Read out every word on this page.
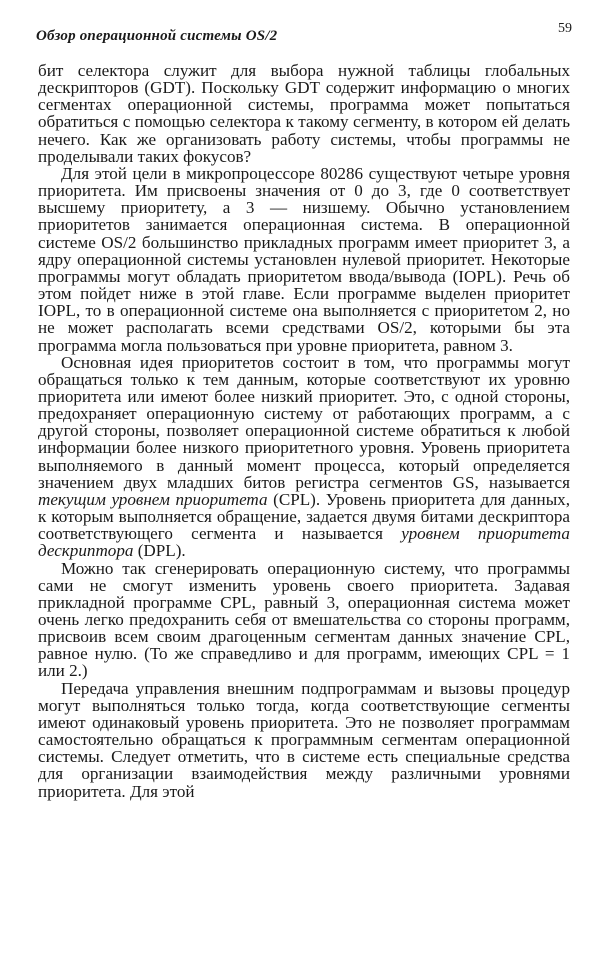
Обзор операционной системы OS/2	59

бит селектора служит для выбора нужной таблицы глобальных дескрипторов (GDT). Поскольку GDT содержит информацию о многих сегментах операционной системы, программа может попытаться обратиться с помощью селектора к такому сегменту, в котором ей делать нечего. Как же организовать работу системы, чтобы программы не проделывали таких фокусов?

Для этой цели в микропроцессоре 80286 существуют четыре уровня приоритета. Им присвоены значения от 0 до 3, где 0 соответствует высшему приоритету, а 3 — низшему. Обычно установлением приоритетов занимается операционная система. В операционной системе OS/2 большинство прикладных программ имеет приоритет 3, а ядру операционной системы установлен нулевой приоритет. Некоторые программы могут обладать приоритетом ввода/вывода (IOPL). Речь об этом пойдет ниже в этой главе. Если программе выделен приоритет IOPL, то в операционной системе она выполняется с приоритетом 2, но не может располагать всеми средствами OS/2, которыми бы эта программа могла пользоваться при уровне приоритета, равном 3.

Основная идея приоритетов состоит в том, что программы могут обращаться только к тем данным, которые соответствуют их уровню приоритета или имеют более низкий приоритет. Это, с одной стороны, предохраняет операционную систему от работающих программ, а с другой стороны, позволяет операционной системе обратиться к любой информации более низкого приоритетного уровня. Уровень приоритета выполняемого в данный момент процесса, который определяется значением двух младших битов регистра сегментов GS, называется текущим уровнем приоритета (CPL). Уровень приоритета для данных, к которым выполняется обращение, задается двумя битами дескриптора соответствующего сегмента и называется уровнем приоритета дескриптора (DPL).

Можно так сгенерировать операционную систему, что программы сами не смогут изменить уровень своего приоритета. Задавая прикладной программе CPL, равный 3, операционная система может очень легко предохранить себя от вмешательства со стороны программ, присвоив всем своим драгоценным сегментам данных значение CPL, равное нулю. (То же справедливо и для программ, имеющих CPL = 1 или 2.)

Передача управления внешним подпрограммам и вызовы процедур могут выполняться только тогда, когда соответствующие сегменты имеют одинаковый уровень приоритета. Это не позволяет программам самостоятельно обращаться к программным сегментам операционной системы. Следует отметить, что в системе есть специальные средства для организации взаимодействия между различными уровнями приоритета. Для этой
